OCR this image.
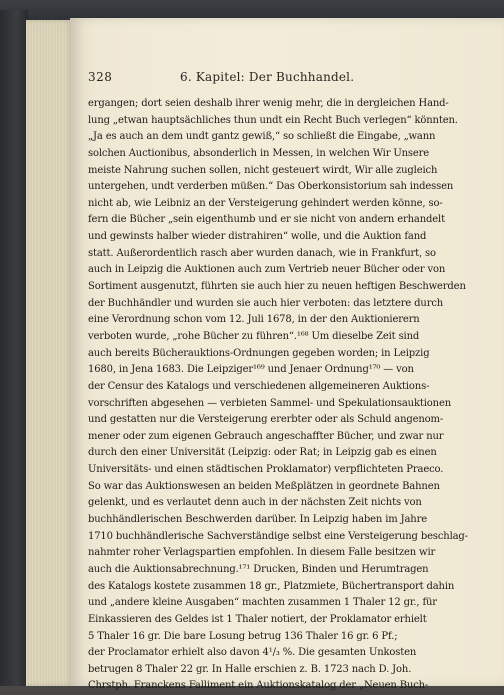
328	6. Kapitel: Der Buchhandel.
ergangen; dort seien deshalb ihrer wenig mehr, die in dergleichen Hand-
lung „etwan hauptsächliches thun undt ein Recht Buch verlegen“ könnten.
„Ja es auch an dem undt gantz gewiß,“ so schließt die Eingabe, „wann
solchen Auctionibus, absonderlich in Messen, in welchen Wir Unsere
meiste Nahrung suchen sollen, nicht gesteuert wirdt, Wir alle zugleich
untergehen, undt verderben müßen.“ Das Oberkonsistorium sah indessen
nicht ab, wie Leibniz an der Versteigerung gehindert werden könne, so-
fern die Bücher „sein eigenthumb und er sie nicht von andern erhandelt
und gewinsts halber wieder distrahiren“ wolle, und die Auktion fand
statt. Außerordentlich rasch aber wurden danach, wie in Frankfurt, so
auch in Leipzig die Auktionen auch zum Vertrieb neuer Bücher oder von
Sortiment ausgenutzt, führten sie auch hier zu neuen heftigen Beschwerden
der Buchhändler und wurden sie auch hier verboten: das letztere durch
eine Verordnung schon vom 12. Juli 1678, in der den Auktionierern
verboten wurde, „rohe Bücher zu führen“.¹⁶⁸ Um dieselbe Zeit sind
auch bereits Bücherauktions-Ordnungen gegeben worden; in Leipzig
1680, in Jena 1683. Die Leipziger¹⁶⁹ und Jenaer Ordnung¹⁷⁰ — von
der Censur des Katalogs und verschiedenen allgemeineren Auktions-
vorschriften abgesehen — verbieten Sammel- und Spekulationsauktionen
und gestatten nur die Versteigerung ererbter oder als Schuld angenom-
mener oder zum eigenen Gebrauch angeschaffter Bücher, und zwar nur
durch den einer Universität (Leipzig: oder Rat; in Leipzig gab es einen
Universitäts- und einen städtischen Proklamator) verpflichteten Praeco.
So war das Auktionswesen an beiden Meßplätzen in geordnete Bahnen
gelenkt, und es verlautet denn auch in der nächsten Zeit nichts von
buchhändlerischen Beschwerden darüber. In Leipzig haben im Jahre
1710 buchhändlerische Sachverständige selbst eine Versteigerung beschlag-
nahmter roher Verlagspartien empfohlen. In diesem Falle besitzen wir
auch die Auktionsabrechnung.¹⁷¹ Drucken, Binden und Herumtragen
des Katalogs kostete zusammen 18 gr., Platzmiete, Büchertransport dahin
und „andere kleine Ausgaben“ machten zusammen 1 Thaler 12 gr., für
Einkassieren des Geldes ist 1 Thaler notiert, der Proklamator erhielt
5 Thaler 16 gr. Die bare Losung betrug 136 Thaler 16 gr. 6 Pf.;
der Proclamator erhielt also davon 4¹/₃ %. Die gesamten Unkosten
betrugen 8 Thaler 22 gr. In Halle erschien z. B. 1723 nach D. Joh.
Chrstph. Franckens Falliment ein Auktionskatalog der „Neuen Buch-
